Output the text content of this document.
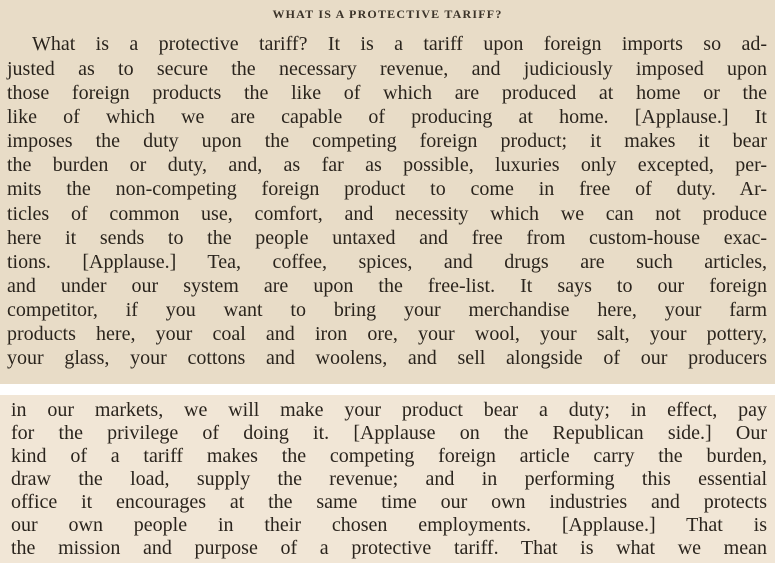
WHAT IS A PROTECTIVE TARIFF?
What is a protective tariff? It is a tariff upon foreign imports so ad-
justed as to secure the necessary revenue, and judiciously imposed upon
those foreign products the like of which are produced at home or the
like of which we are capable of producing at home. [Applause.] It
imposes the duty upon the competing foreign product; it makes it bear
the burden or duty, and, as far as possible, luxuries only excepted, per-
mits the non-competing foreign product to come in free of duty. Ar-
ticles of common use, comfort, and necessity which we can not produce
here it sends to the people untaxed and free from custom-house exac-
tions. [Applause.] Tea, coffee, spices, and drugs are such articles,
and under our system are upon the free-list. It says to our foreign
competitor, if you want to bring your merchandise here, your farm
products here, your coal and iron ore, your wool, your salt, your pottery,
your glass, your cottons and woolens, and sell alongside of our producers
in our markets, we will make your product bear a duty; in effect, pay
for the privilege of doing it. [Applause on the Republican side.] Our
kind of a tariff makes the competing foreign article carry the burden,
draw the load, supply the revenue; and in performing this essential
office it encourages at the same time our own industries and protects
our own people in their chosen employments. [Applause.] That is
the mission and purpose of a protective tariff. That is what we mean
